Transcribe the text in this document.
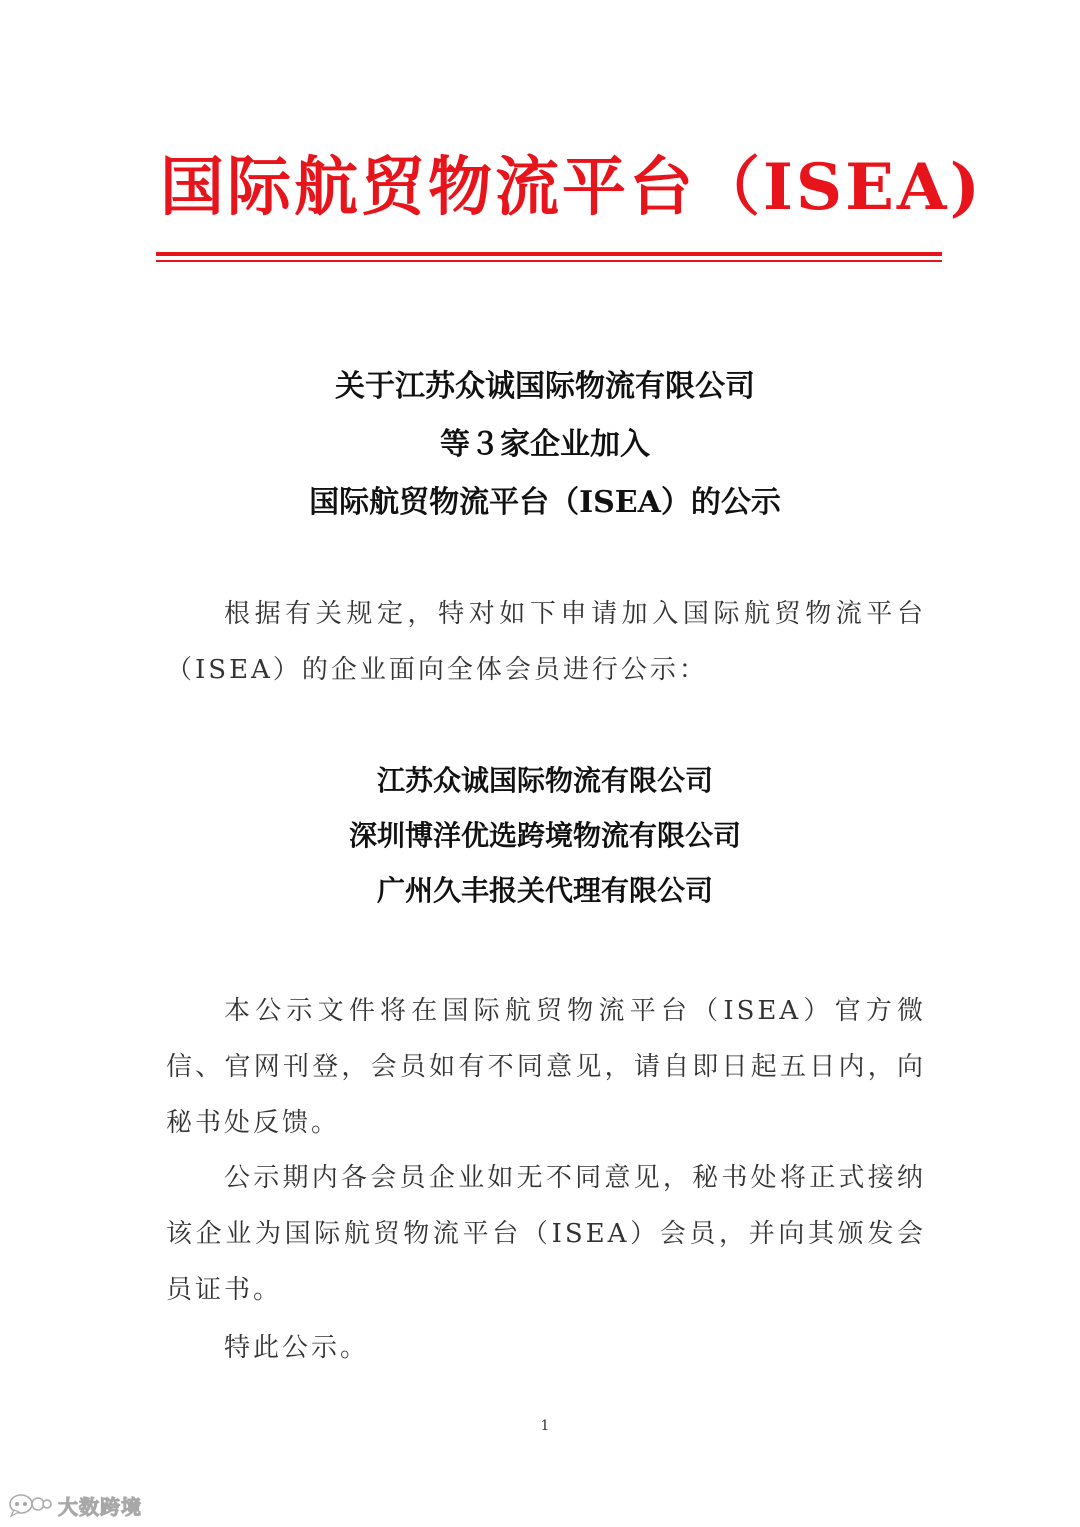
国际航贸物流平台（ISEA)
关于江苏众诚国际物流有限公司
等３家企业加入
国际航贸物流平台（ISEA）的公示
根据有关规定，特对如下申请加入国际航贸物流平台（ISEA）的企业面向全体会员进行公示：
江苏众诚国际物流有限公司
深圳博洋优选跨境物流有限公司
广州久丰报关代理有限公司
本公示文件将在国际航贸物流平台（ISEA）官方微信、官网刊登，会员如有不同意见，请自即日起五日内，向秘书处反馈。
公示期内各会员企业如无不同意见，秘书处将正式接纳该企业为国际航贸物流平台（ISEA）会员，并向其颁发会员证书。
特此公示。
1
大数跨境
